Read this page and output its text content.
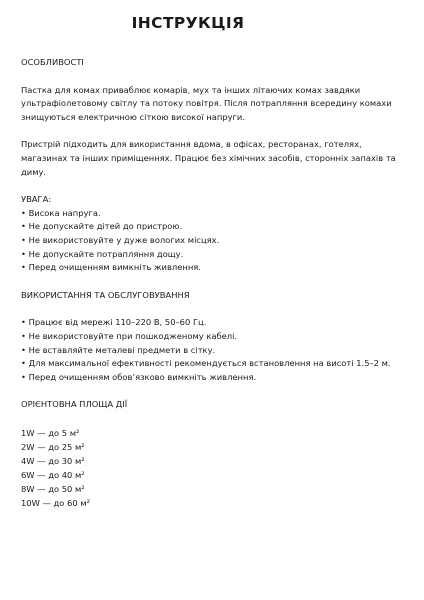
ІНСТРУКЦІЯ
ОСОБЛИВОСТІ

Пастка для комах приваблює комарів, мух та інших літаючих комах завдяки ультрафіолетовому світлу та потоку повітря. Після потрапляння всередину комахи знищуються електричною сіткою високої напруги.

Пристрій підходить для використання вдома, в офісах, ресторанах, готелях, магазинах та інших приміщеннях. Працює без хімічних засобів, сторонніх запахів та диму.

УВАГА:
• Висока напруга.
• Не допускайте дітей до пристрою.
• Не використовуйте у дуже вологих місцях.
• Не допускайте потрапляння дощу.
• Перед очищенням вимкніть живлення.
ВИКОРИСТАННЯ ТА ОБСЛУГОВУВАННЯ
• Працює від мережі 110–220 В, 50–60 Гц.
• Не використовуйте при пошкодженому кабелі.
• Не вставляйте металеві предмети в сітку.
• Для максимальної ефективності рекомендується встановлення на висоті 1.5–2 м.
• Перед очищенням обов’язково вимкніть живлення.
ОРІЄНТОВНА ПЛОЩА ДІЇ
1W — до 5 м²
2W — до 25 м²
4W — до 30 м²
6W — до 40 м²
8W — до 50 м²
10W — до 60 м²
